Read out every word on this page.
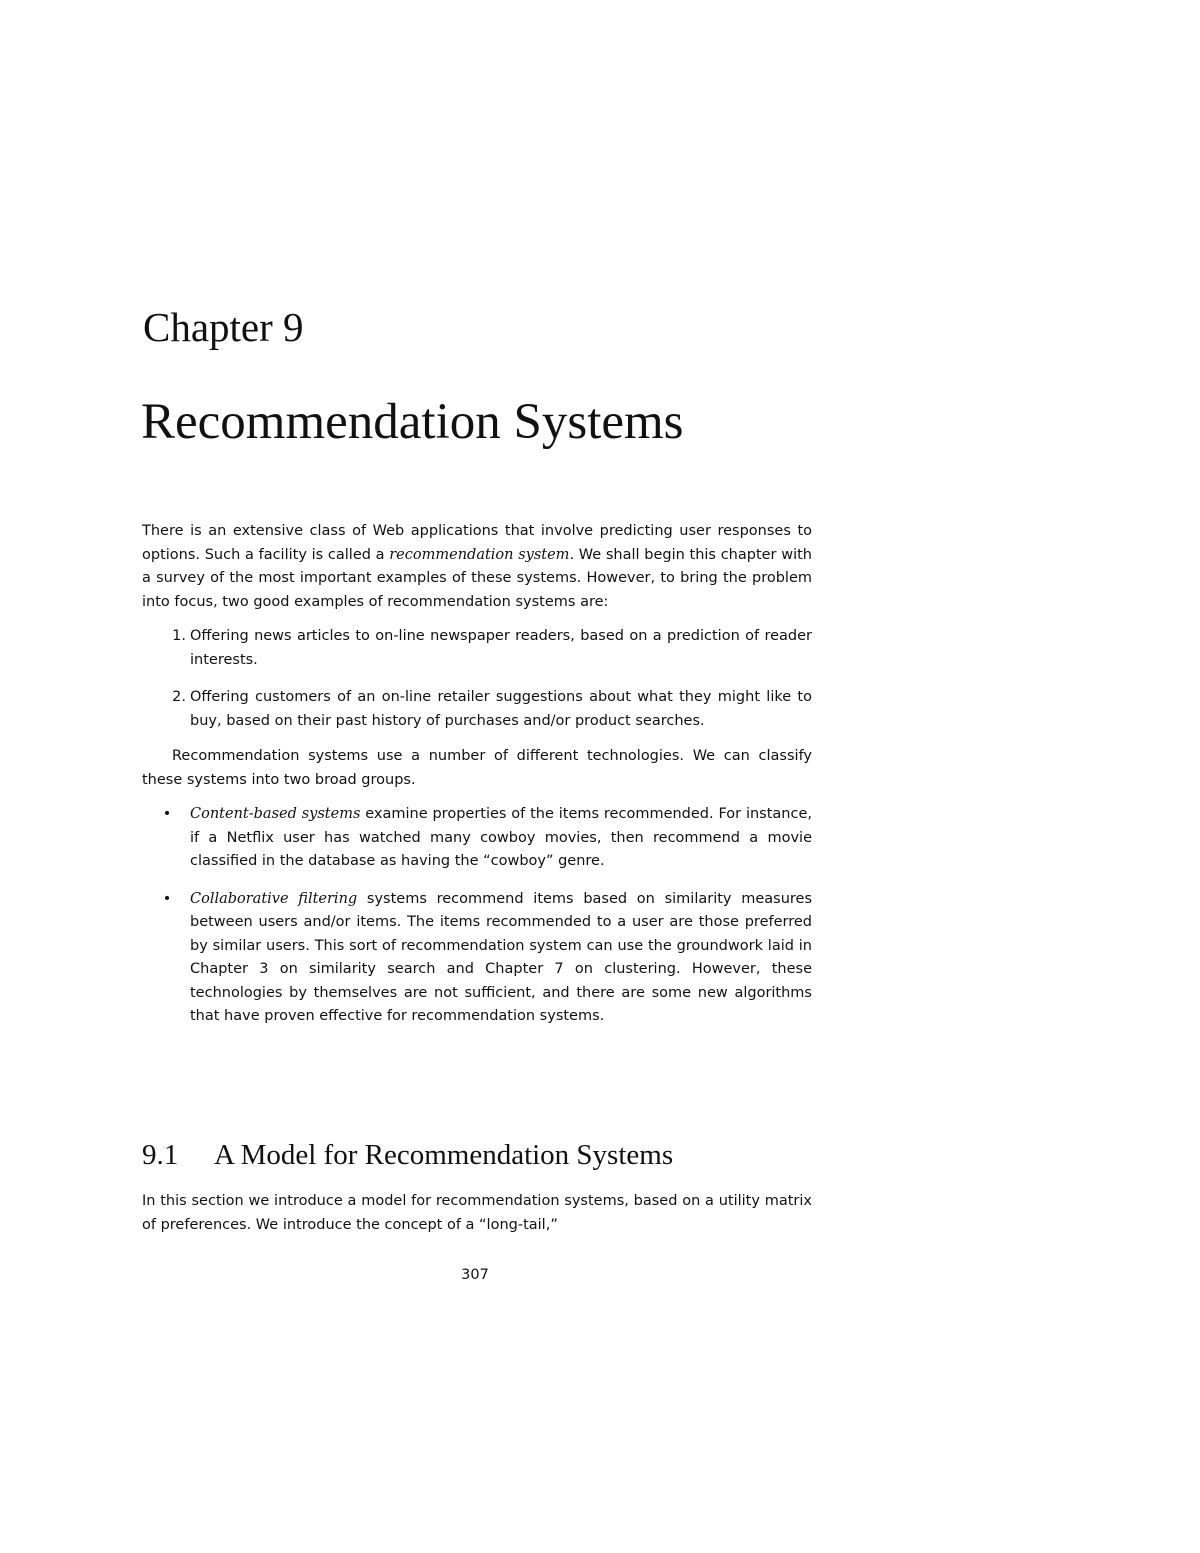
Chapter 9
Recommendation Systems

There is an extensive class of Web applications that involve predicting user responses to options. Such a facility is called a recommendation system. We shall begin this chapter with a survey of the most important examples of these systems. However, to bring the problem into focus, two good examples of recommendation systems are:

1. Offering news articles to on-line newspaper readers, based on a prediction of reader interests.
2. Offering customers of an on-line retailer suggestions about what they might like to buy, based on their past history of purchases and/or product searches.

Recommendation systems use a number of different technologies. We can classify these systems into two broad groups.

• Content-based systems examine properties of the items recommended. For instance, if a Netflix user has watched many cowboy movies, then recommend a movie classified in the database as having the “cowboy” genre.
• Collaborative filtering systems recommend items based on similarity measures between users and/or items. The items recommended to a user are those preferred by similar users. This sort of recommendation system can use the groundwork laid in Chapter 3 on similarity search and Chapter 7 on clustering. However, these technologies by themselves are not sufficient, and there are some new algorithms that have proven effective for recommendation systems.
9.1 A Model for Recommendation Systems

In this section we introduce a model for recommendation systems, based on a utility matrix of preferences. We introduce the concept of a “long-tail,”

307
